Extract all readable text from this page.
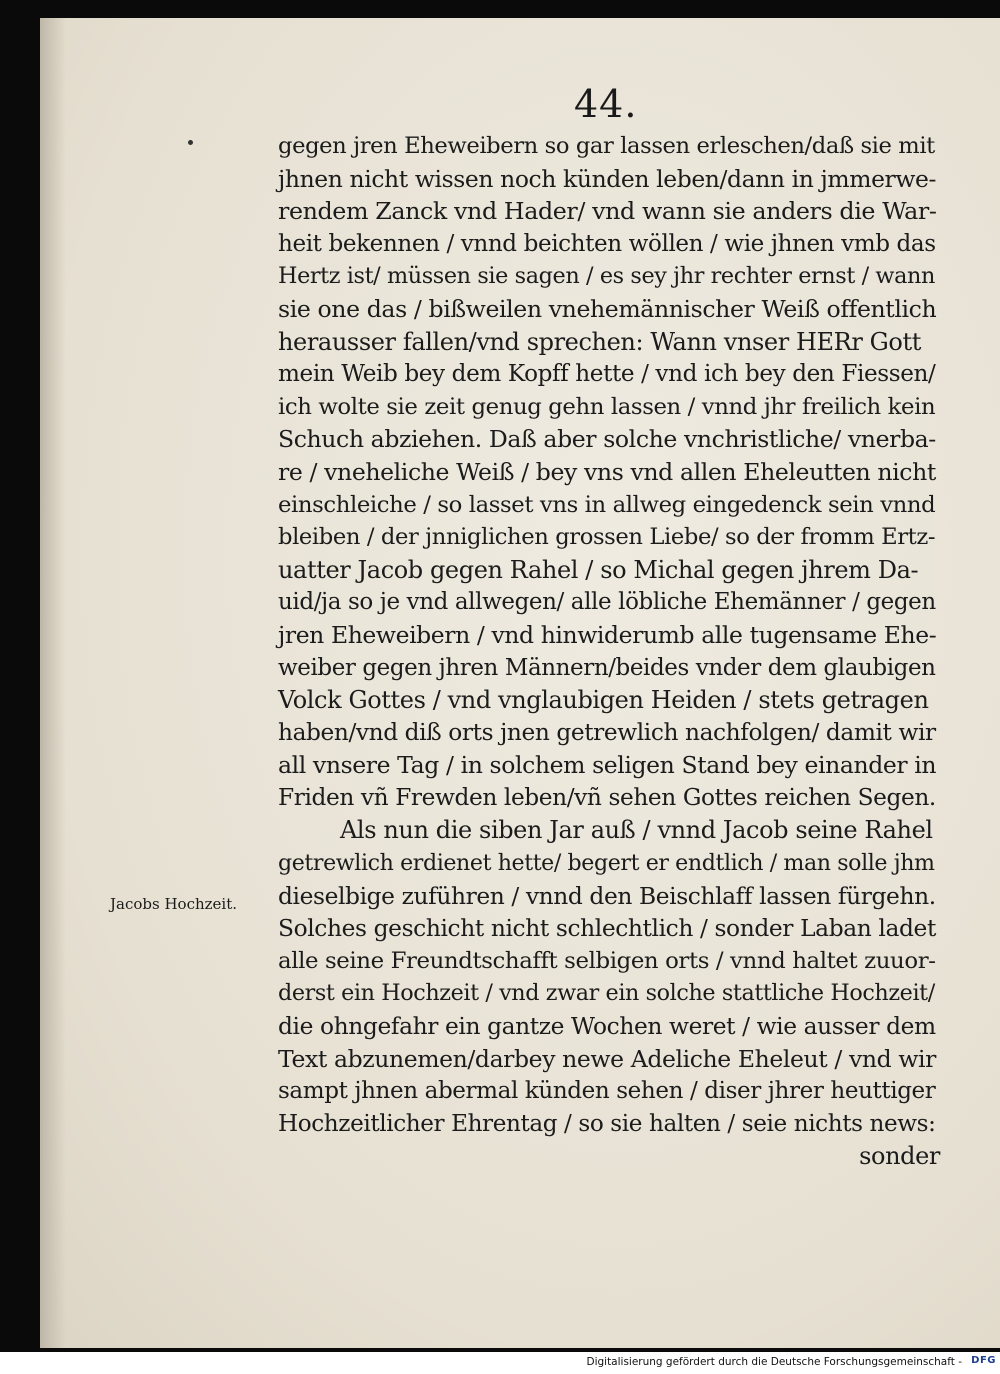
44.
gegen jren Eheweibern so gar lassen erleschen/daß sie mit
jhnen nicht wissen noch künden leben/dann in jmmerwe-
rendem Zanck vnd Hader/ vnd wann sie anders die War-
heit bekennen / vnnd beichten wöllen / wie jhnen vmb das
Hertz ist/ müssen sie sagen / es sey jhr rechter ernst / wann
sie one das / bißweilen vnehemännischer Weiß offentlich
herausser fallen/vnd sprechen: Wann vnser HERr Gott
mein Weib bey dem Kopff hette / vnd ich bey den Fiessen/
ich wolte sie zeit genug gehn lassen / vnnd jhr freilich kein
Schuch abziehen. Daß aber solche vnchristliche/ vnerba-
re / vneheliche Weiß / bey vns vnd allen Eheleutten nicht
einschleiche / so lasset vns in allweg eingedenck sein vnnd
bleiben / der jnniglichen grossen Liebe/ so der fromm Ertz-
uatter Jacob gegen Rahel / so Michal gegen jhrem Da-
uid/ja so je vnd allwegen/ alle löbliche Ehemänner / gegen
jren Eheweibern / vnd hinwiderumb alle tugensame Ehe-
weiber gegen jhren Männern/beides vnder dem glaubigen
Volck Gottes / vnd vnglaubigen Heiden / stets getragen
haben/vnd diß orts jnen getrewlich nachfolgen/ damit wir
all vnsere Tag / in solchem seligen Stand bey einander in
Friden vñ Frewden leben/vñ sehen Gottes reichen Segen.
Als nun die siben Jar auß / vnnd Jacob seine Rahel
getrewlich erdienet hette/ begert er endtlich / man solle jhm
dieselbige zuführen / vnnd den Beischlaff lassen fürgehn.
Solches geschicht nicht schlechtlich / sonder Laban ladet
alle seine Freundtschafft selbigen orts / vnnd haltet zuuor-
derst ein Hochzeit / vnd zwar ein solche stattliche Hochzeit/
die ohngefahr ein gantze Wochen weret / wie ausser dem
Text abzunemen/darbey newe Adeliche Eheleut / vnd wir
sampt jhnen abermal künden sehen / diser jhrer heuttiger
Hochzeitlicher Ehrentag / so sie halten / seie nichts news:
sonder
Jacobs Hochzeit.
Digitalisierung gefördert durch die Deutsche Forschungsgemeinschaft - DFG
